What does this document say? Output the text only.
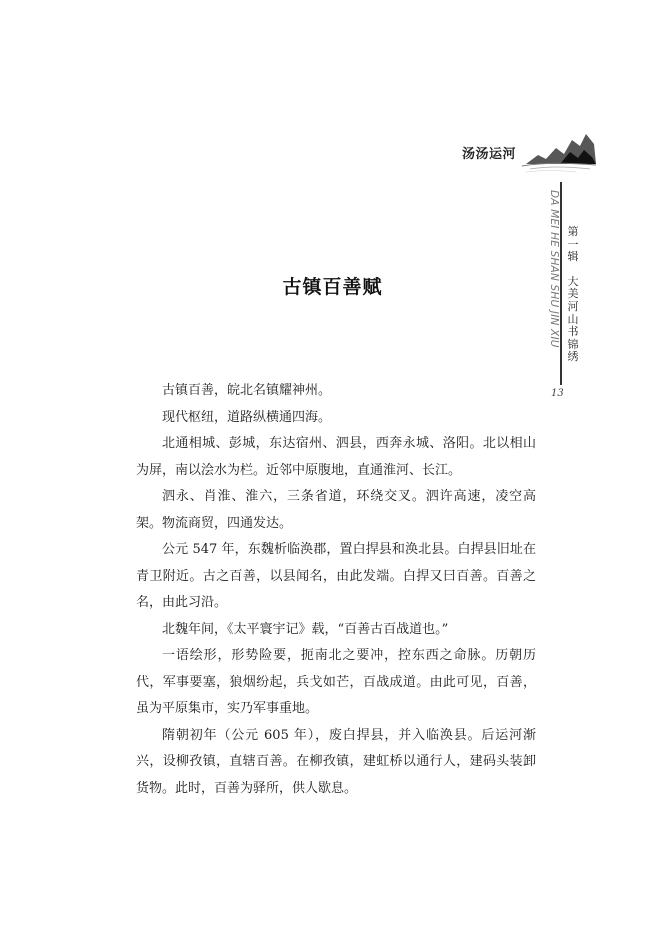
汤汤运河
DA MEI HE SHAN SHU JIN XIU 第
一
辑
大
美
河
山
书
锦
绣
13
古镇百善赋

古镇百善，皖北名镇耀神州。

现代枢纽，道路纵横通四海。

北通相城、彭城，东达宿州、泗县，西奔永城、洛阳。北以相山为屏，南以浍水为栏。近邻中原腹地，直通淮河、长江。

泗永、肖淮、淮六，三条省道，环绕交叉。泗许高速，凌空高架。物流商贸，四通发达。

公元 547 年，东魏析临涣郡，置白捍县和涣北县。白捍县旧址在青卫附近。古之百善，以县闻名，由此发端。白捍又曰百善。百善之名，由此习沿。

北魏年间，《太平寰宇记》载，“百善古百战道也。”

一语绘形，形势险要，扼南北之要冲，控东西之命脉。历朝历代，军事要塞，狼烟纷起，兵戈如芒，百战成道。由此可见，百善，虽为平原集市，实乃军事重地。

隋朝初年（公元 605 年），废白捍县，并入临涣县。后运河渐兴，设柳孜镇，直辖百善。在柳孜镇，建虹桥以通行人，建码头装卸货物。此时，百善为驿所，供人歇息。
